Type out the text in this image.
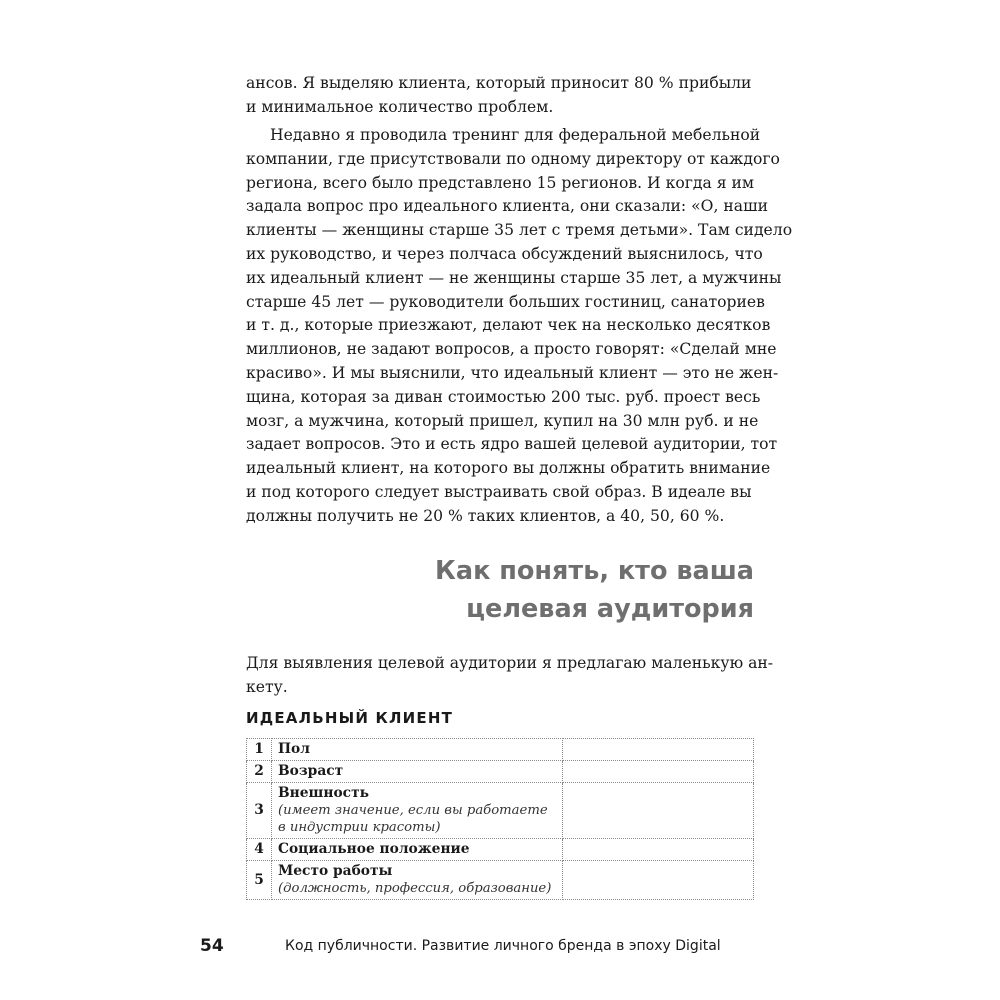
ансов. Я выделяю клиента, который приносит 80 % прибыли
и минимальное количество проблем.

Недавно я проводила тренинг для федеральной мебельной
компании, где присутствовали по одному директору от каждого
региона, всего было представлено 15 регионов. И когда я им
задала вопрос про идеального клиента, они сказали: «О, наши
клиенты — женщины старше 35 лет с тремя детьми». Там сидело
их руководство, и через полчаса обсуждений выяснилось, что
их идеальный клиент — не женщины старше 35 лет, а мужчины
старше 45 лет — руководители больших гостиниц, санаториев
и т. д., которые приезжают, делают чек на несколько десятков
миллионов, не задают вопросов, а просто говорят: «Сделай мне
красиво». И мы выяснили, что идеальный клиент — это не жен-
щина, которая за диван стоимостью 200 тыс. руб. проест весь
мозг, а мужчина, который пришел, купил на 30 млн руб. и не
задает вопросов. Это и есть ядро вашей целевой аудитории, тот
идеальный клиент, на которого вы должны обратить внимание
и под которого следует выстраивать свой образ. В идеале вы
должны получить не 20 % таких клиентов, а 40, 50, 60 %.

Как понять, кто ваша
целевая аудитория

Для выявления целевой аудитории я предлагаю маленькую ан-
кету.

ИДЕАЛЬНЫЙ КЛИЕНТ
1	Пол	

2	Возраст	

3	Внешность
(имеет значение, если вы работаете в индустрии красоты)	

4	Социальное положение	

5	Место работы
(должность, профессия, образование)	

54	Код публичности. Развитие личного бренда в эпоху Digital
